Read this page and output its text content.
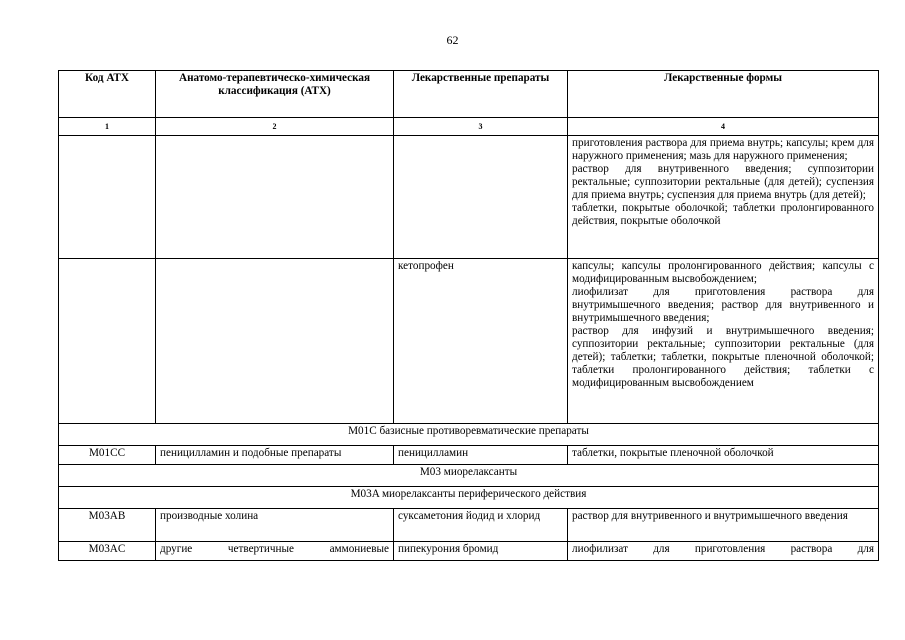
62
Код АТХ	Анатомо-терапевтическо-химическая классификация (АТХ)	Лекарственные препараты	Лекарственные формы
1	2	3	4

			приготовления раствора для приема внутрь; капсулы; крем для наружного применения; мазь для наружного применения;
раствор для внутривенного введения; суппозитории ректальные; суппозитории ректальные (для детей); суспензия для приема внутрь; суспензия для приема внутрь (для детей);
таблетки, покрытые оболочкой; таблетки пролонгированного действия, покрытые оболочкой

		кетопрофен	капсулы; капсулы пролонгированного действия; капсулы с модифицированным высвобождением;
лиофилизат для приготовления раствора для внутримышечного введения; раствор для внутривенного и внутримышечного введения;
раствор для инфузий и внутримышечного введения; суппозитории ректальные; суппозитории ректальные (для детей); таблетки; таблетки, покрытые пленочной оболочкой; таблетки пролонгированного действия; таблетки с модифицированным высвобождением

M01C базисные противоревматические препараты			
M01CC	пеницилламин и подобные препараты	пеницилламин	таблетки, покрытые пленочной оболочкой
M03 миорелаксанты			
M03A миорелаксанты периферического действия			
M03AB	производные холина	суксаметония йодид и хлорид	раствор для внутривенного и внутримышечного введения
M03AC	другие четвертичные аммониевые	пипекурония бромид	лиофилизат для приготовления раствора для
